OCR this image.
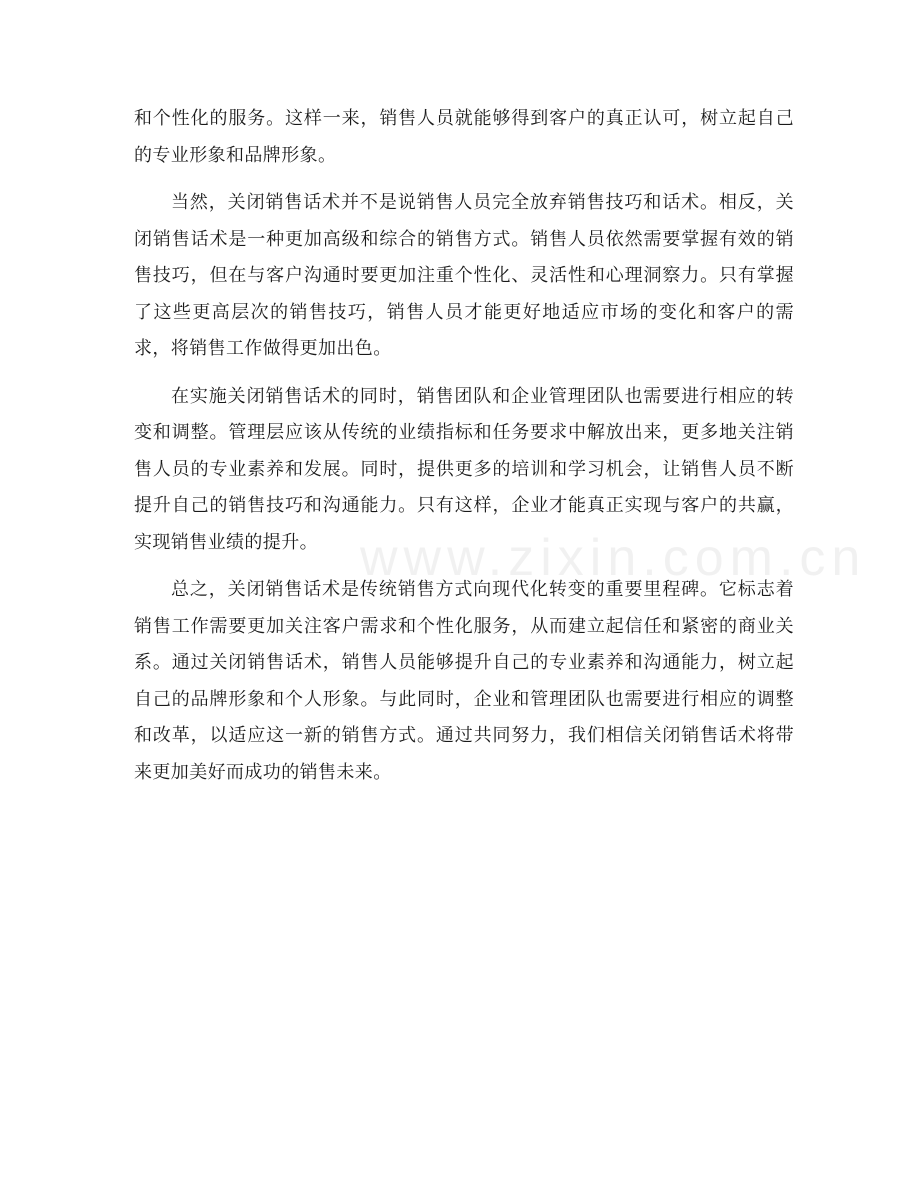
www.zixin.com.cn

和个性化的服务。这样一来，销售人员就能够得到客户的真正认可，树立起自己的专业形象和品牌形象。

当然，关闭销售话术并不是说销售人员完全放弃销售技巧和话术。相反，关闭销售话术是一种更加高级和综合的销售方式。销售人员依然需要掌握有效的销售技巧，但在与客户沟通时要更加注重个性化、灵活性和心理洞察力。只有掌握了这些更高层次的销售技巧，销售人员才能更好地适应市场的变化和客户的需求，将销售工作做得更加出色。

在实施关闭销售话术的同时，销售团队和企业管理团队也需要进行相应的转变和调整。管理层应该从传统的业绩指标和任务要求中解放出来，更多地关注销售人员的专业素养和发展。同时，提供更多的培训和学习机会，让销售人员不断提升自己的销售技巧和沟通能力。只有这样，企业才能真正实现与客户的共赢，实现销售业绩的提升。

总之，关闭销售话术是传统销售方式向现代化转变的重要里程碑。它标志着销售工作需要更加关注客户需求和个性化服务，从而建立起信任和紧密的商业关系。通过关闭销售话术，销售人员能够提升自己的专业素养和沟通能力，树立起自己的品牌形象和个人形象。与此同时，企业和管理团队也需要进行相应的调整和改革，以适应这一新的销售方式。通过共同努力，我们相信关闭销售话术将带来更加美好而成功的销售未来。
